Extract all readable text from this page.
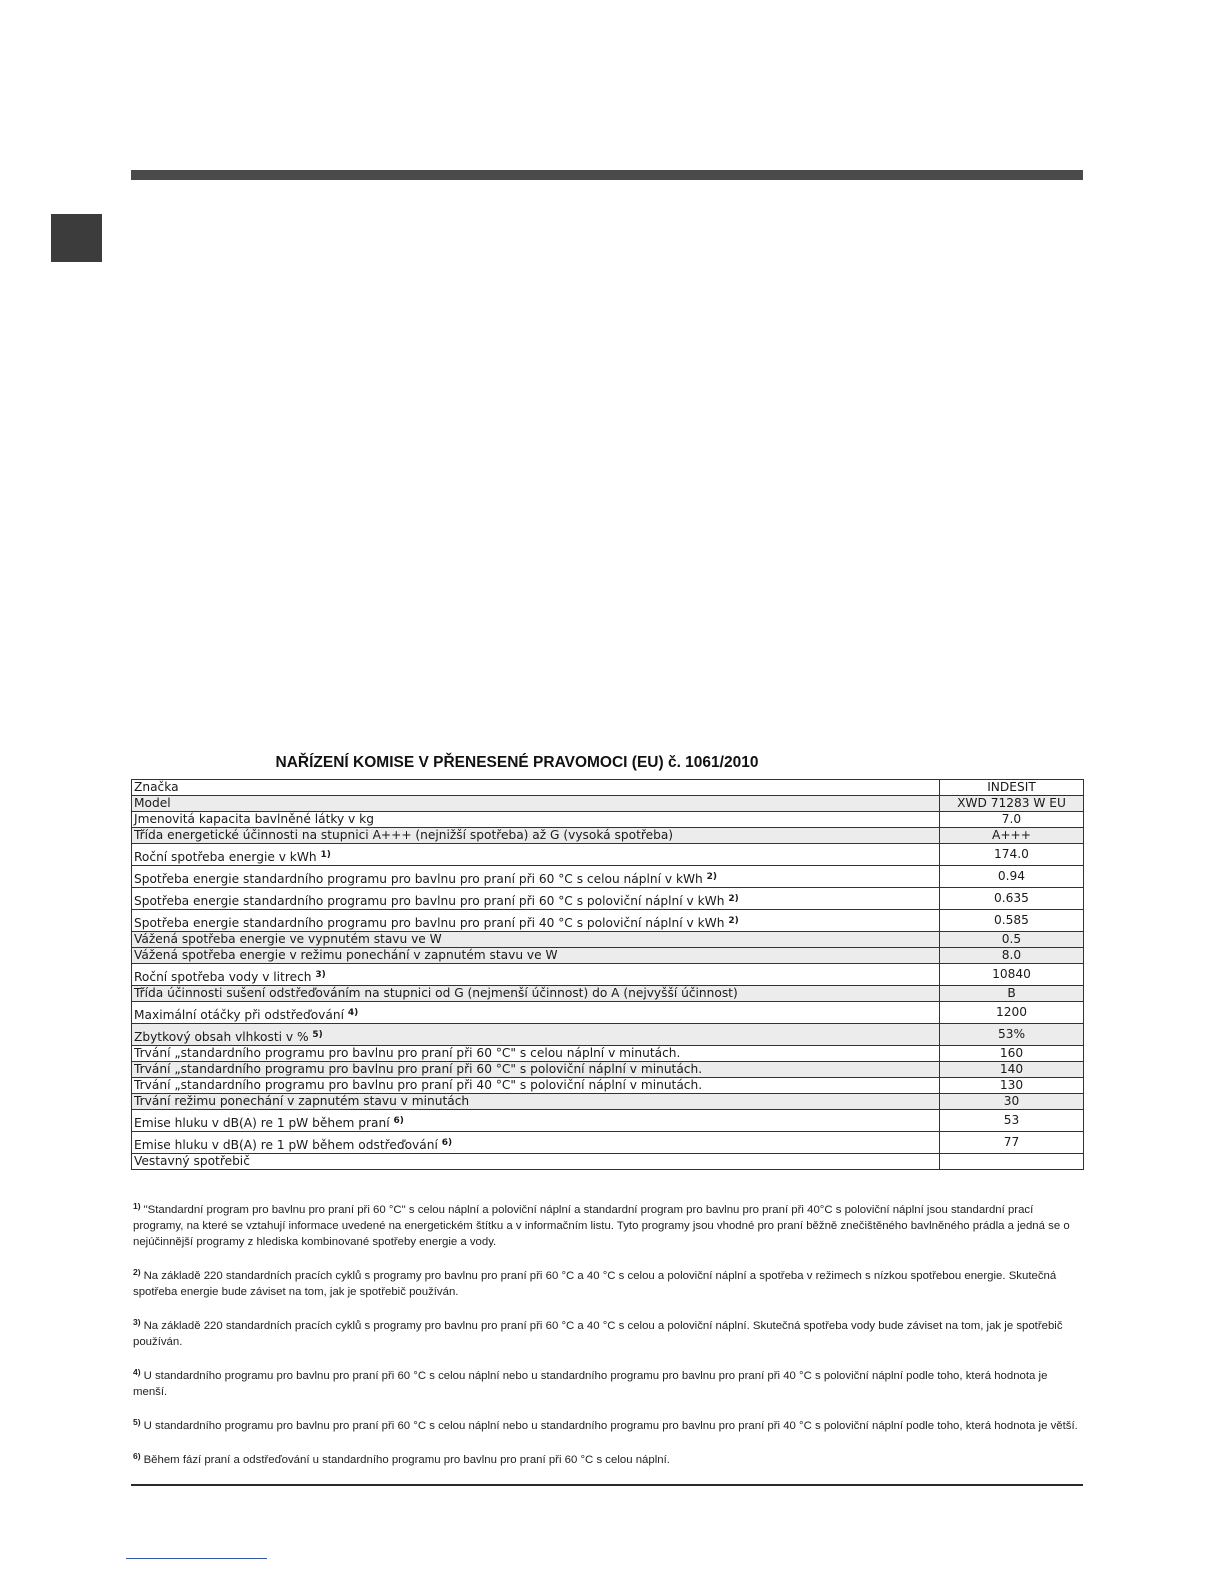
NAŘÍZENÍ KOMISE V PŘENESENÉ PRAVOMOCI (EU) č. 1061/2010
Značka	INDESIT
Model	XWD 71283 W EU
Jmenovitá kapacita bavlněné látky v kg	7.0
Třída energetické účinnosti na stupnici A+++ (nejnižší spotřeba) až G (vysoká spotřeba)	A+++
Roční spotřeba energie v kWh $^{1)}$	174.0
Spotřeba energie standardního programu pro bavlnu pro praní při 60 °C s celou náplní v kWh $^{2)}$	0.94
Spotřeba energie standardního programu pro bavlnu pro praní při 60 °C s poloviční náplní v kWh $^{2)}$	0.635
Spotřeba energie standardního programu pro bavlnu pro praní při 40 °C s poloviční náplní v kWh $^{2)}$	0.585
Vážená spotřeba energie ve vypnutém stavu ve W	0.5
Vážená spotřeba energie v režimu ponechání v zapnutém stavu ve W	8.0
Roční spotřeba vody v litrech $^{3)}$	10840
Třída účinnosti sušení odstřeďováním na stupnici od G (nejmenší účinnost) do A (nejvyšší účinnost)	B
Maximální otáčky při odstřeďování $^{4)}$	1200
Zbytkový obsah vlhkosti v % $^{5)}$	53%
Trvání „standardního programu pro bavlnu pro praní při 60 °C" s celou náplní v minutách.	160
Trvání „standardního programu pro bavlnu pro praní při 60 °C" s poloviční náplní v minutách.	140
Trvání „standardního programu pro bavlnu pro praní při 40 °C" s poloviční náplní v minutách.	130
Trvání režimu ponechání v zapnutém stavu v minutách	30
Emise hluku v dB(A) re 1 pW během praní $^{6)}$	53
Emise hluku v dB(A) re 1 pW během odstřeďování $^{6)}$	77
Vestavný spotřebič	
$^{1)}$ "Standardní program pro bavlnu pro praní při 60 °C" s celou náplní a poloviční náplní a standardní program pro bavlnu pro praní při 40°C s poloviční náplní jsou standardní prací programy, na které se vztahují informace uvedené na energetickém štítku a v informačním listu. Tyto programy jsou vhodné pro praní běžně znečištěného bavlněného prádla a jedná se o nejúčinnější programy z hlediska kombinované spotřeby energie a vody.
$^{2)}$ Na základě 220 standardních pracích cyklů s programy pro bavlnu pro praní při 60 °C a 40 °C s celou a poloviční náplní a spotřeba v režimech s nízkou spotřebou energie. Skutečná spotřeba energie bude záviset na tom, jak je spotřebič používán.
$^{3)}$ Na základě 220 standardních pracích cyklů s programy pro bavlnu pro praní při 60 °C a 40 °C s celou a poloviční náplní. Skutečná spotřeba vody bude záviset na tom, jak je spotřebič používán.
$^{4)}$ U standardního programu pro bavlnu pro praní při 60 °C s celou náplní nebo u standardního programu pro bavlnu pro praní při 40 °C s poloviční náplní podle toho, která hodnota je menší.
$^{5)}$ U standardního programu pro bavlnu pro praní při 60 °C s celou náplní nebo u standardního programu pro bavlnu pro praní při 40 °C s poloviční náplní podle toho, která hodnota je větší.
$^{6)}$ Během fází praní a odstřeďování u standardního programu pro bavlnu pro praní při 60 °C s celou náplní.
